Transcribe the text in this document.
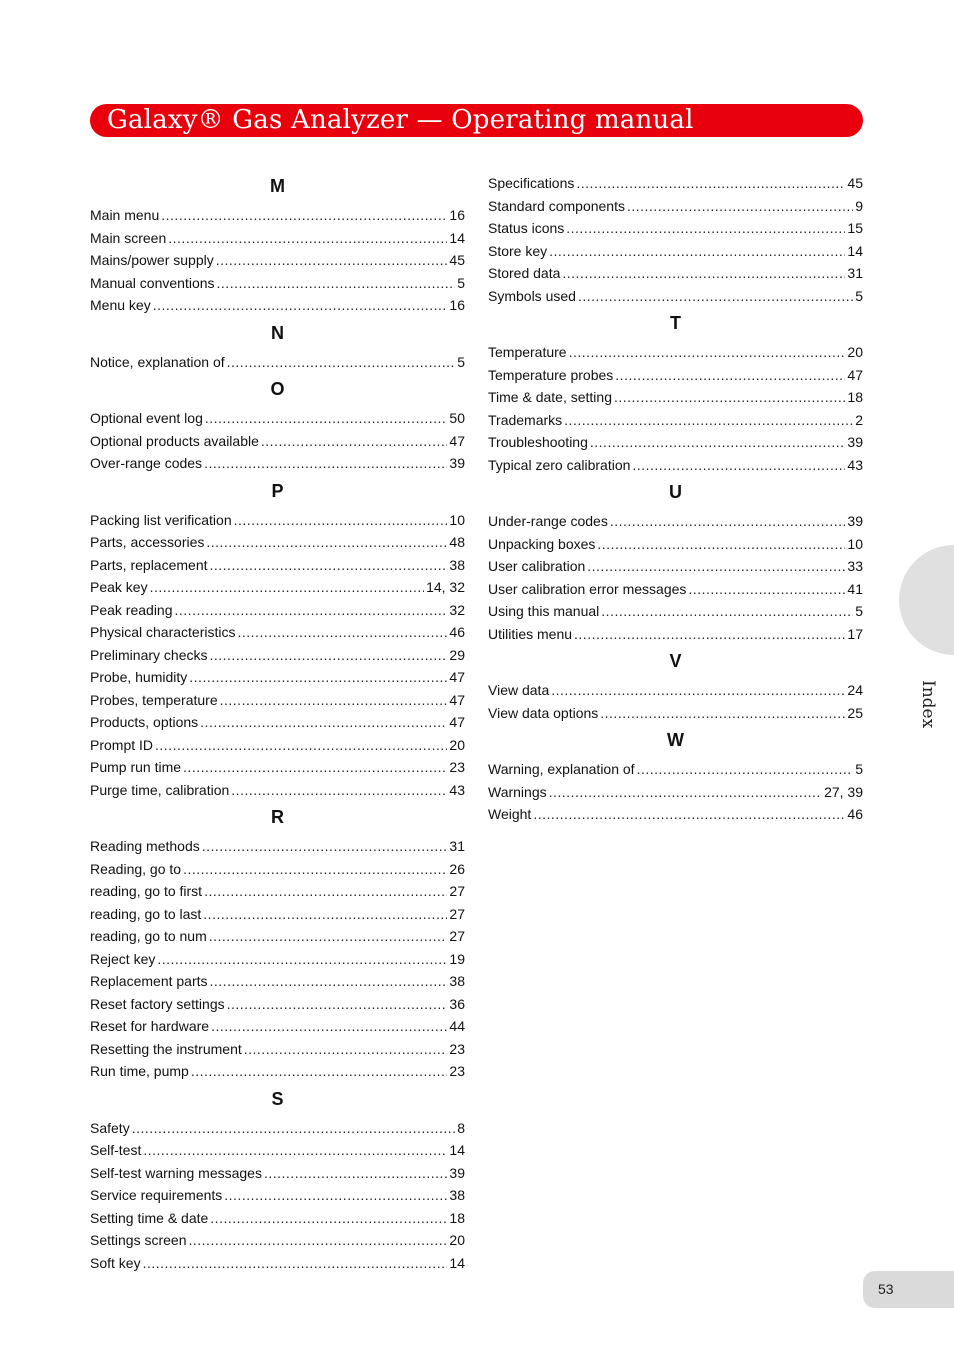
Galaxy® Gas Analyzer — Operating manual
M
Main menu .....	16
Main screen .....	14
Mains/power supply .....	45
Manual conventions .....	5
Menu key .....	16
N
Notice, explanation of .....	5
O
Optional event log .....	50
Optional products available .....	47
Over-range codes .....	39
P
Packing list verification .....	10
Parts, accessories .....	48
Parts, replacement .....	38
Peak key .....	14, 32
Peak reading .....	32
Physical characteristics .....	46
Preliminary checks .....	29
Probe, humidity .....	47
Probes, temperature .....	47
Products, options .....	47
Prompt ID .....	20
Pump run time .....	23
Purge time, calibration .....	43
R
Reading methods .....	31
Reading, go to .....	26
reading, go to first .....	27
reading, go to last .....	27
reading, go to num .....	27
Reject key .....	19
Replacement parts .....	38
Reset factory settings .....	36
Reset for hardware .....	44
Resetting the instrument .....	23
Run time, pump .....	23
S
Safety .....	8
Self-test .....	14
Self-test warning messages .....	39
Service requirements .....	38
Setting time & date .....	18
Settings screen .....	20
Soft key .....	14
Specifications .....	45
Standard components .....	9
Status icons .....	15
Store key .....	14
Stored data .....	31
Symbols used .....	5
T
Temperature .....	20
Temperature probes .....	47
Time & date, setting .....	18
Trademarks .....	2
Troubleshooting .....	39
Typical zero calibration .....	43
U
Under-range codes .....	39
Unpacking boxes .....	10
User calibration .....	33
User calibration error messages .....	41
Using this manual .....	5
Utilities menu .....	17
V
View data .....	24
View data options .....	25
W
Warning, explanation of .....	5
Warnings .....	27, 39
Weight .....	46
Index
53
